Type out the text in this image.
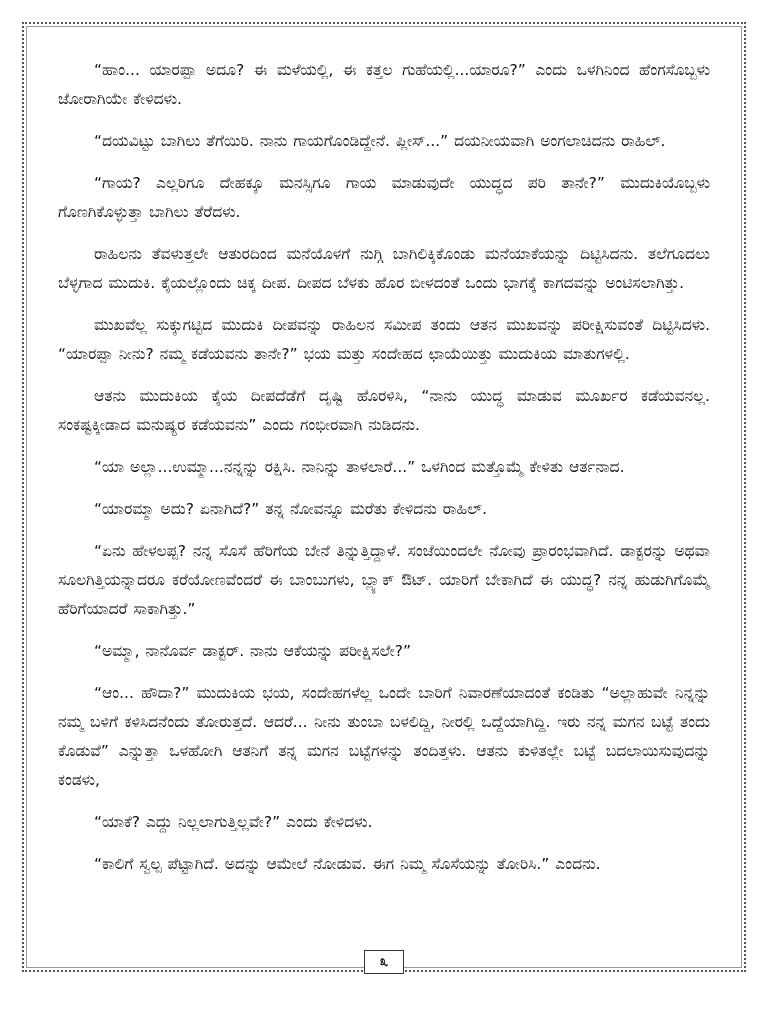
“ಹಾಂ... ಯಾರಪ್ಪಾ ಅದೂ? ಈ ಮಳೆಯಲ್ಲಿ, ಈ ಕತ್ತಲ ಗುಹೆಯಲ್ಲಿ...ಯಾರೂ?” ಎಂದು ಒಳಗಿನಿಂದ ಹೆಂಗಸೊಬ್ಬಳು ಜೋರಾಗಿಯೇ ಕೇಳಿದಳು.

“ದಯವಿಟ್ಟು ಬಾಗಿಲು ತೆಗೆಯಿರಿ. ನಾನು ಗಾಯಗೊಂಡಿದ್ದೇನೆ. ಪ್ಲೀಸ್...” ದಯನೀಯವಾಗಿ ಅಂಗಲಾಚಿದನು ರಾಹಿಲ್.

“ಗಾಯ? ಎಲ್ಲರಿಗೂ ದೇಹಕ್ಕೂ ಮನಸ್ಸಿಗೂ ಗಾಯ ಮಾಡುವುದೇ ಯುದ್ಧದ ಪರಿ ತಾನೇ?” ಮುದುಕಿಯೊಬ್ಬಳು ಗೊಣಗಿಕೊಳ್ಳುತ್ತಾ ಬಾಗಿಲು ತೆರೆದಳು.

ರಾಹಿಲನು ತೆವಳುತ್ತಲೇ ಆತುರದಿಂದ ಮನೆಯೊಳಗೆ ನುಗ್ಗಿ ಬಾಗಿಲಿಕ್ಕಿಕೊಂಡು ಮನೆಯಾಕೆಯನ್ನು ದಿಟ್ಟಿಸಿದನು. ತಲೆಗೂದಲು ಬೆಳ್ಳಗಾದ ಮುದುಕಿ. ಕೈಯಲ್ಲೊಂದು ಚಿಕ್ಕ ದೀಪ. ದೀಪದ ಬೆಳಕು ಹೊರ ಬೀಳದಂತೆ ಒಂದು ಭಾಗಕ್ಕೆ ಕಾಗದವನ್ನು ಅಂಟಿಸಲಾಗಿತ್ತು.

ಮುಖವೆಲ್ಲ ಸುಕ್ಕುಗಟ್ಟಿದ ಮುದುಕಿ ದೀಪವನ್ನು ರಾಹಿಲನ ಸಮೀಪ ತಂದು ಆತನ ಮುಖವನ್ನು ಪರೀಕ್ಷಿಸುವಂತೆ ದಿಟ್ಟಿಸಿದಳು. “ಯಾರಪ್ಪಾ ನೀನು? ನಮ್ಮ ಕಡೆಯವನು ತಾನೇ?” ಭಯ ಮತ್ತು ಸಂದೇಹದ ಛಾಯೆಯಿತ್ತು ಮುದುಕಿಯ ಮಾತುಗಳಲ್ಲಿ.

ಆತನು ಮುದುಕಿಯ ಕೈಯ ದೀಪದೆಡೆಗೆ ದೃಷ್ಟಿ ಹೊರಳಿಸಿ, “ನಾನು ಯುದ್ಧ ಮಾಡುವ ಮೂರ್ಖರ ಕಡೆಯವನಲ್ಲ. ಸಂಕಷ್ಟಕ್ಕೀಡಾದ ಮನುಷ್ಯರ ಕಡೆಯವನು” ಎಂದು ಗಂಭೀರವಾಗಿ ನುಡಿದನು.

“ಯಾ ಅಲ್ಲಾ...ಉಮ್ಮಾ...ನನ್ನನ್ನು ರಕ್ಷಿಸಿ. ನಾನಿನ್ನು ತಾಳಲಾರೆ...” ಒಳಗಿಂದ ಮತ್ತೊಮ್ಮೆ ಕೇಳಿತು ಆರ್ತನಾದ.

“ಯಾರಮ್ಮಾ ಅದು? ಏನಾಗಿದೆ?” ತನ್ನ ನೋವನ್ನೂ ಮರೆತು ಕೇಳಿದನು ರಾಹಿಲ್.

“ಏನು ಹೇಳಲಪ್ಪ? ನನ್ನ ಸೊಸೆ ಹೆರಿಗೆಯ ಬೇನೆ ತಿನ್ನುತ್ತಿದ್ದಾಳೆ. ಸಂಜೆಯಿಂದಲೇ ನೋವು ಪ್ರಾರಂಭವಾಗಿದೆ. ಡಾಕ್ಟರನ್ನು ಅಥವಾ ಸೂಲಗಿತ್ತಿಯನ್ನಾದರೂ ಕರೆಯೋಣವೆಂದರೆ ಈ ಬಾಂಬುಗಳು, ಬ್ಲ್ಯಾಕ್ ಔಟ್. ಯಾರಿಗೆ ಬೇಕಾಗಿದೆ ಈ ಯುದ್ಧ? ನನ್ನ ಹುಡುಗಿಗೊಮ್ಮೆ ಹೆರಿಗೆಯಾದರೆ ಸಾಕಾಗಿತ್ತು.”

“ಅಮ್ಮಾ, ನಾನೊರ್ವ ಡಾಕ್ಟರ್. ನಾನು ಆಕೆಯನ್ನು ಪರೀಕ್ಷಿಸಲೇ?”

“ಆಂ... ಹೌದಾ?” ಮುದುಕಿಯ ಭಯ, ಸಂದೇಹಗಳೆಲ್ಲ ಒಂದೇ ಬಾರಿಗೆ ನಿವಾರಣೆಯಾದಂತೆ ಕಂಡಿತು “ಅಲ್ಲಾಹುವೇ ನಿನ್ನನ್ನು ನಮ್ಮ ಬಳಿಗೆ ಕಳಿಸಿದನೆಂದು ತೋರುತ್ತದೆ. ಆದರೆ... ನೀನು ತುಂಬಾ ಬಳಲಿದ್ದಿ, ನೀರಲ್ಲಿ ಒದ್ದೆಯಾಗಿದ್ದಿ. ಇರು ನನ್ನ ಮಗನ ಬಟ್ಟೆ ತಂದು ಕೊಡುವೆ” ಎನ್ನುತ್ತಾ ಒಳಹೋಗಿ ಆತನಿಗೆ ತನ್ನ ಮಗನ ಬಟ್ಟೆಗಳನ್ನು ತಂದಿತ್ತಳು. ಆತನು ಕುಳಿತಲ್ಲೇ ಬಟ್ಟೆ ಬದಲಾಯಿಸುವುದನ್ನು ಕಂಡಳು,

“ಯಾಕೆ? ಎದ್ದು ನಿಲ್ಲಲಾಗುತ್ತಿಲ್ಲವೇ?” ಎಂದು ಕೇಳಿದಳು.

“ಕಾಲಿಗೆ ಸ್ವಲ್ಪ ಪೆಟ್ಟಾಗಿದೆ. ಅದನ್ನು ಆಮೇಲೆ ನೋಡುವ. ಈಗ ನಿಮ್ಮ ಸೊಸೆಯನ್ನು ತೋರಿಸಿ.” ಎಂದನು.

೩
